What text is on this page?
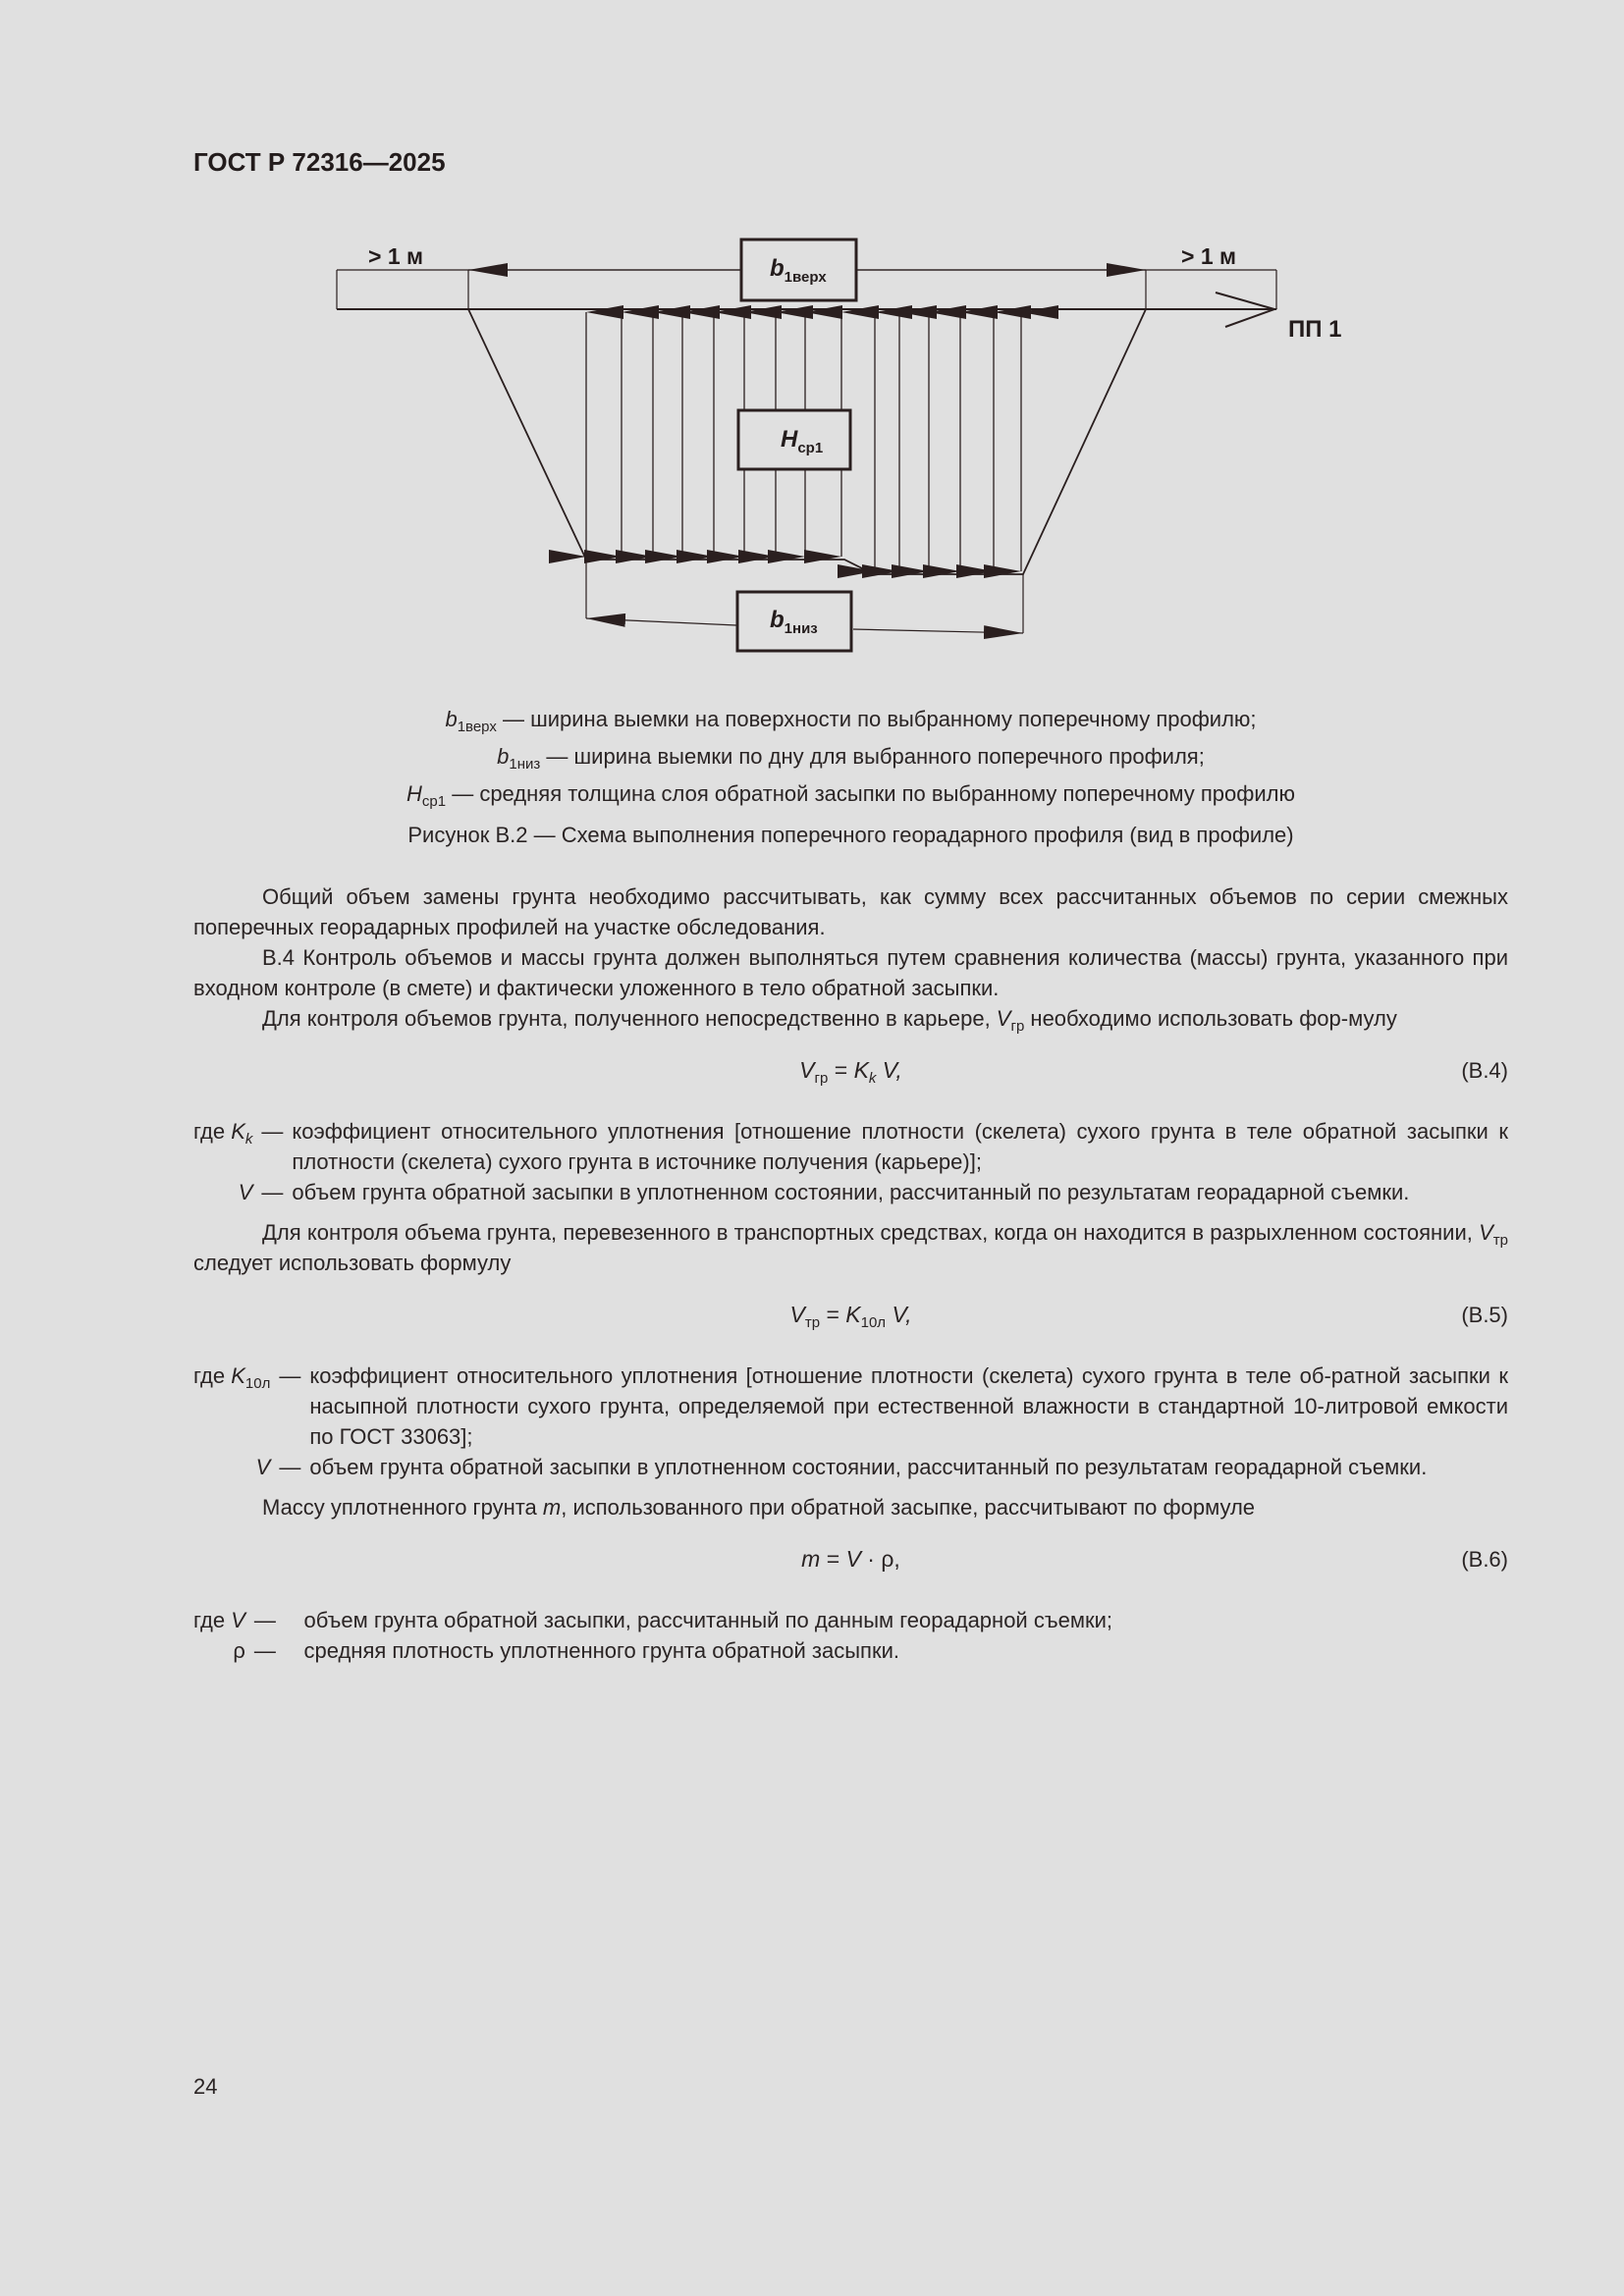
ГОСТ Р 72316—2025
$b_{1верх}$
$H_{ср1}$
$b_{1низ}$
> 1 м	> 1 м
ПП 1
$b_{1верх}$ — ширина выемки на поверхности по выбранному поперечному профилю;
$b_{1низ}$ — ширина выемки по дну для выбранного поперечного профиля;
$H_{ср1}$ — средняя толщина слоя обратной засыпки по выбранному поперечному профилю
Рисунок В.2 — Схема выполнения поперечного георадарного профиля (вид в профиле)

Общий объем замены грунта необходимо рассчитывать, как сумму всех рассчитанных объемов по серии смежных поперечных георадарных профилей на участке обследования.

В.4 Контроль объемов и массы грунта должен выполняться путем сравнения количества (массы) грунта, указанного при входном контроле (в смете) и фактически уложенного в тело обратной засыпки.

Для контроля объемов грунта, полученного непосредственно в карьере, $V_{гр}$ необходимо использовать фор-мулу

$V_{гр} = K_k$ V,	(В.4)
где $K_k$	—	коэффициент относительного уплотнения [отношение плотности (скелета) сухого грунта в теле обратной засыпки к плотности (скелета) сухого грунта в источнике получения (карьере)];
V	—	объем грунта обратной засыпки в уплотненном состоянии, рассчитанный по результатам георадарной съемки.

Для контроля объема грунта, перевезенного в транспортных средствах, когда он находится в разрыхленном состоянии, $V_{тр}$ следует использовать формулу

$V_{тр} = K_{10л}$ V,	(В.5)
где $K_{10л}$	—	коэффициент относительного уплотнения [отношение плотности (скелета) сухого грунта в теле об-ратной засыпки к насыпной плотности сухого грунта, определяемой при естественной влажности в стандартной 10-литровой емкости по ГОСТ 33063];
V	—	объем грунта обратной засыпки в уплотненном состоянии, рассчитанный по результатам георадарной съемки.

Массу уплотненного грунта m, использованного при обратной засыпке, рассчитывают по формуле

m = V · ρ,	(В.6)
где V	—	объем грунта обратной засыпки, рассчитанный по данным георадарной съемки;
ρ	—	средняя плотность уплотненного грунта обратной засыпки.
24
